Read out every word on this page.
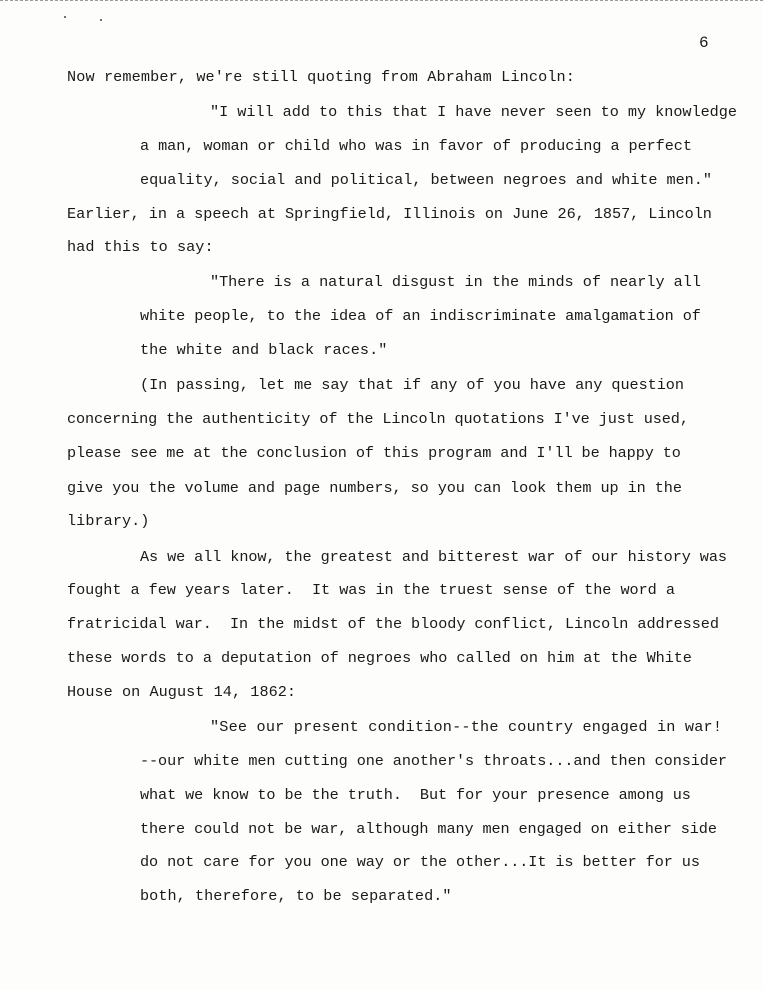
6
Now remember, we're still quoting from Abraham Lincoln:
"I will add to this that I have never seen to my knowledge
a man, woman or child who was in favor of producing a perfect
equality, social and political, between negroes and white men."
Earlier, in a speech at Springfield, Illinois on June 26, 1857, Lincoln
had this to say:
"There is a natural disgust in the minds of nearly all
white people, to the idea of an indiscriminate amalgamation of
the white and black races."
(In passing, let me say that if any of you have any question
concerning the authenticity of the Lincoln quotations I've just used,
please see me at the conclusion of this program and I'll be happy to
give you the volume and page numbers, so you can look them up in the
library.)
As we all know, the greatest and bitterest war of our history was
fought a few years later.  It was in the truest sense of the word a
fratricidal war.  In the midst of the bloody conflict, Lincoln addressed
these words to a deputation of negroes who called on him at the White
House on August 14, 1862:
"See our present condition--the country engaged in war!
--our white men cutting one another's throats...and then consider
what we know to be the truth.  But for your presence among us
there could not be war, although many men engaged on either side
do not care for you one way or the other...It is better for us
both, therefore, to be separated."
